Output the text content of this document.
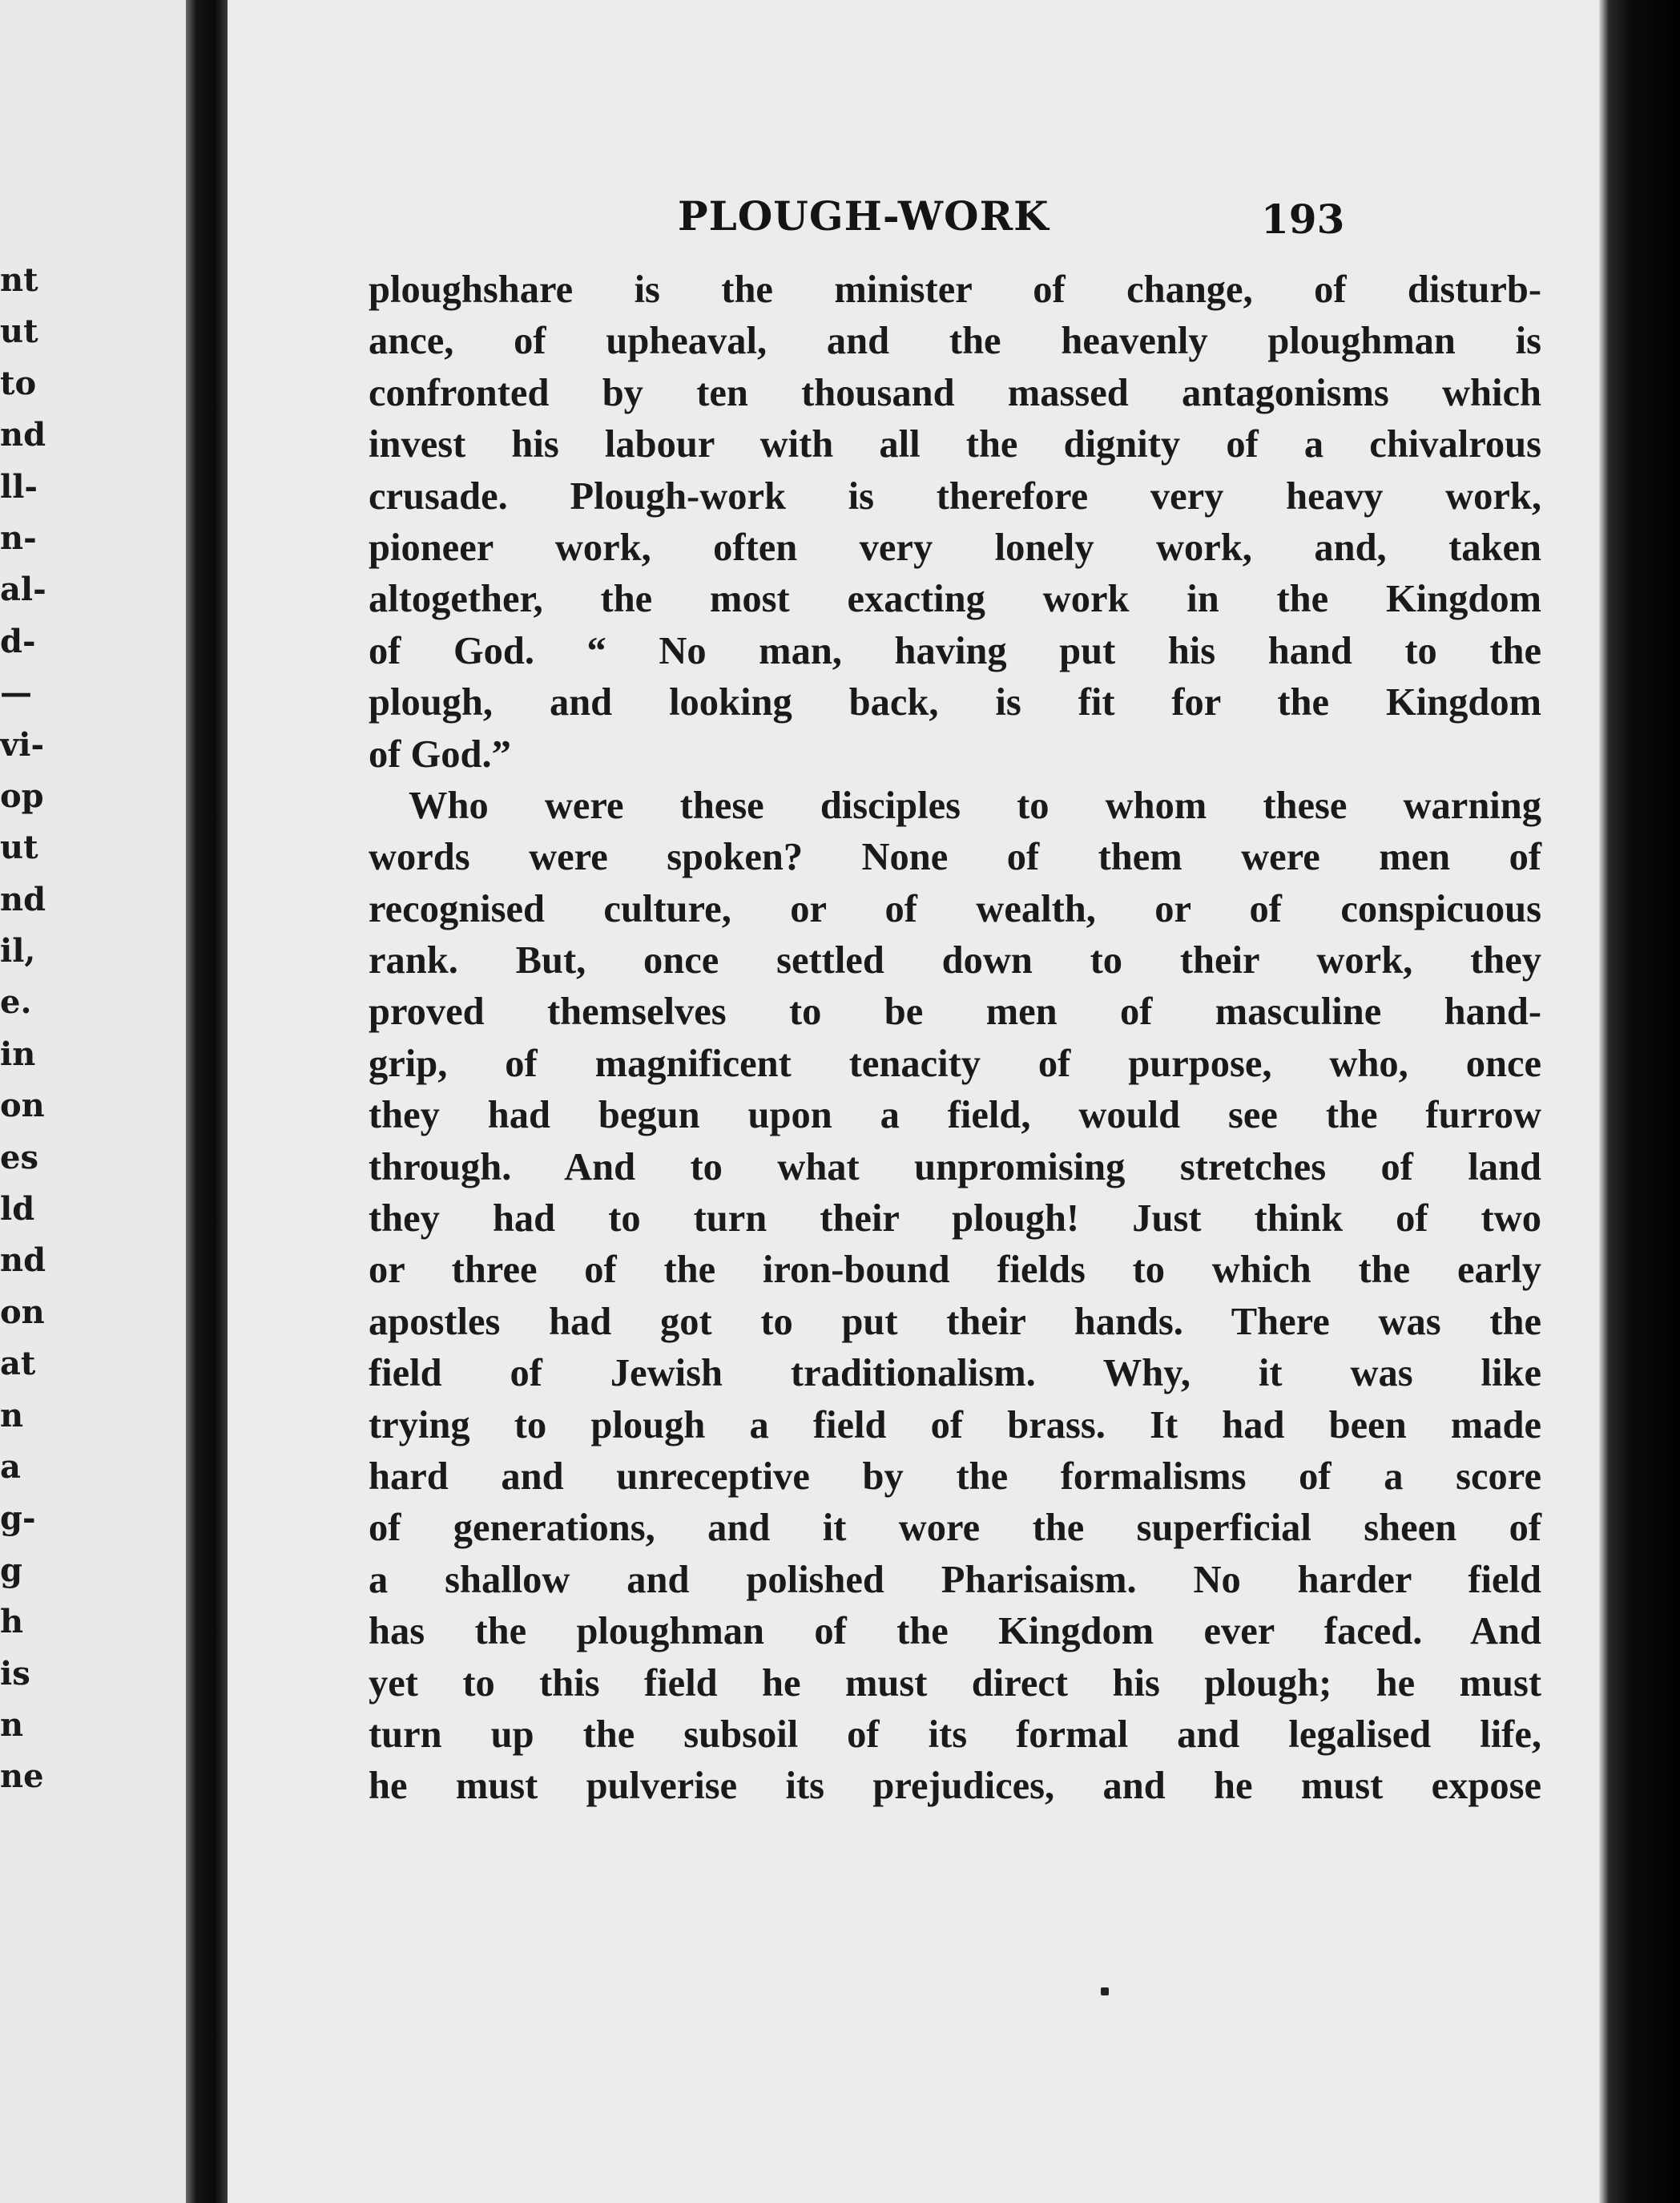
nt
ut
to
nd
ll-
n-
al-
d-
—
vi-
op
ut
nd
il,
e.
in
on
es
ld
nd
on
at
n
a
g-
g
h
is
n
ne
PLOUGH-WORK	193
ploughshare is the minister of change, of disturb-
ance, of upheaval, and the heavenly ploughman is
confronted by ten thousand massed antagonisms which
invest his labour with all the dignity of a chivalrous
crusade. Plough-work is therefore very heavy work,
pioneer work, often very lonely work, and, taken
altogether, the most exacting work in the Kingdom
of God. “ No man, having put his hand to the
plough, and looking back, is fit for the Kingdom
of God.”
Who were these disciples to whom these warning
words were spoken? None of them were men of
recognised culture, or of wealth, or of conspicuous
rank. But, once settled down to their work, they
proved themselves to be men of masculine hand-
grip, of magnificent tenacity of purpose, who, once
they had begun upon a field, would see the furrow
through. And to what unpromising stretches of land
they had to turn their plough! Just think of two
or three of the iron-bound fields to which the early
apostles had got to put their hands. There was the
field of Jewish traditionalism. Why, it was like
trying to plough a field of brass. It had been made
hard and unreceptive by the formalisms of a score
of generations, and it wore the superficial sheen of
a shallow and polished Pharisaism. No harder field
has the ploughman of the Kingdom ever faced. And
yet to this field he must direct his plough; he must
turn up the subsoil of its formal and legalised life,
he must pulverise its prejudices, and he must expose
